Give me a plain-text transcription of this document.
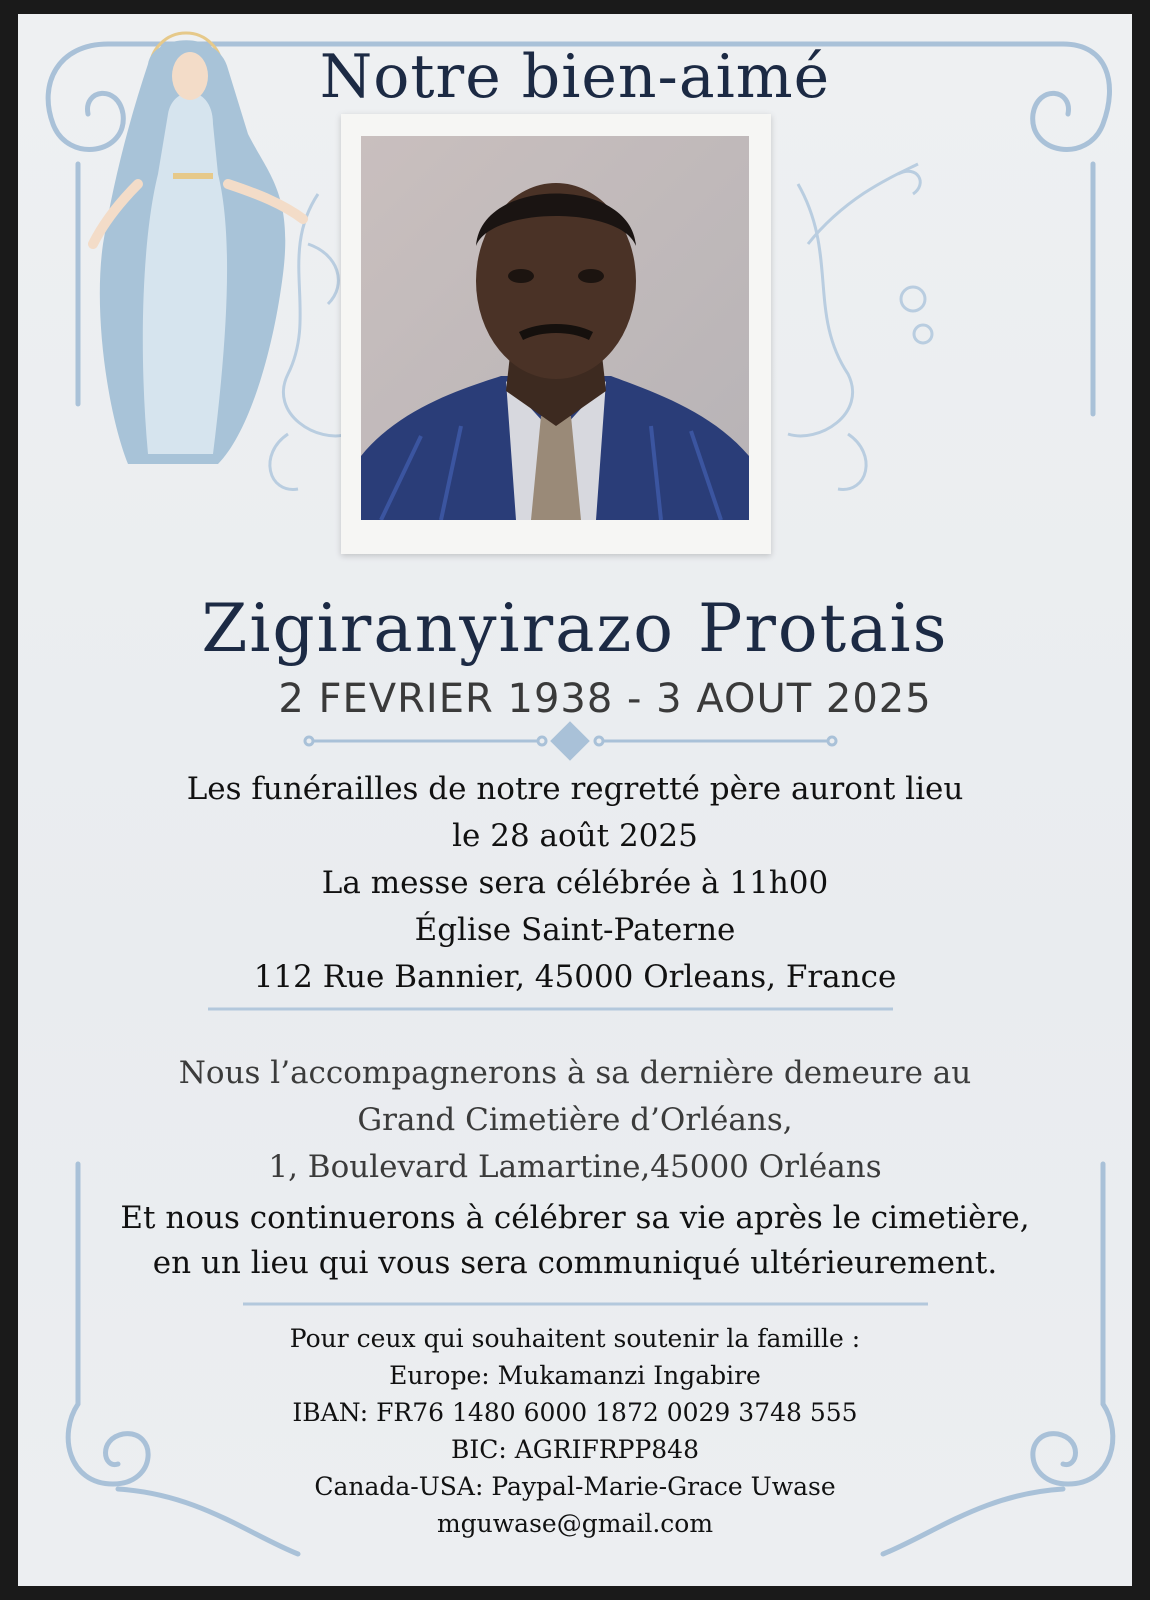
Notre bien-aimé
Zigiranyirazo Protais
2 FEVRIER 1938 - 3 AOUT 2025
Les funérailles de notre regretté père auront lieu
le 28 août 2025
La messe sera célébrée à 11h00
Église Saint-Paterne
112 Rue Bannier, 45000 Orleans, France
Nous l’accompagnerons à sa dernière demeure au
Grand Cimetière d’Orléans,
1, Boulevard Lamartine,45000 Orléans
Et nous continuerons à célébrer sa vie après le cimetière,
en un lieu qui vous sera communiqué ultérieurement.
Pour ceux qui souhaitent soutenir la famille :
Europe: Mukamanzi Ingabire
IBAN: FR76 1480 6000 1872 0029 3748 555
BIC: AGRIFRPP848
Canada-USA: Paypal-Marie-Grace Uwase
mguwase@gmail.com
